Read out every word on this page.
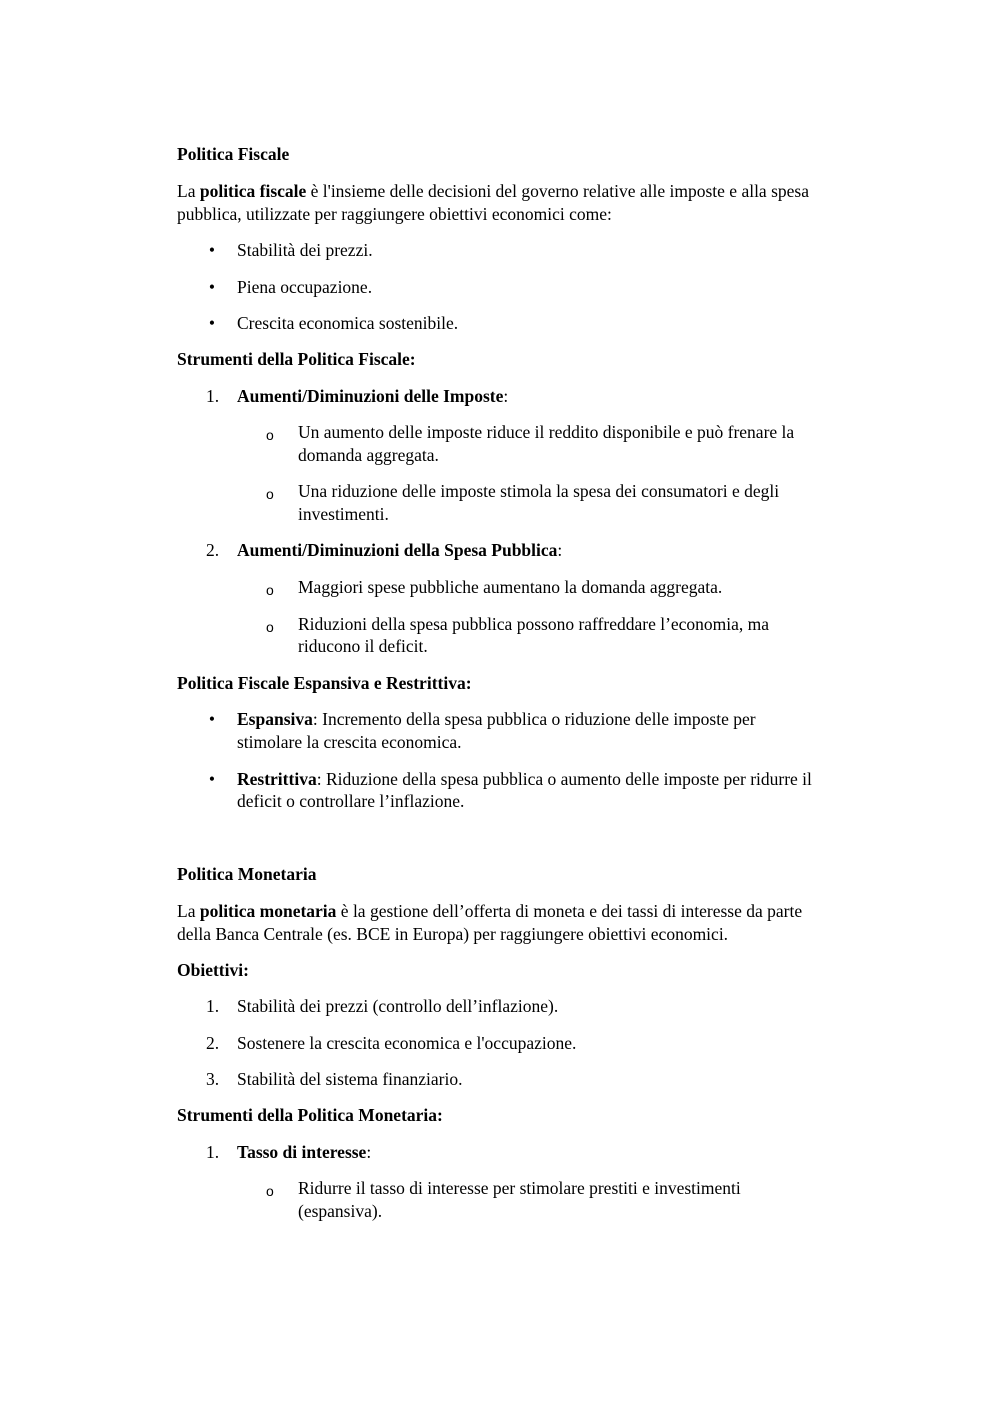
Politica Fiscale
La politica fiscale è l'insieme delle decisioni del governo relative alle imposte e alla spesa
pubblica, utilizzate per raggiungere obiettivi economici come:
• Stabilità dei prezzi.
• Piena occupazione.
• Crescita economica sostenibile.
Strumenti della Politica Fiscale:
1. Aumenti/Diminuzioni delle Imposte:
o Un aumento delle imposte riduce il reddito disponibile e può frenare la
domanda aggregata.
o Una riduzione delle imposte stimola la spesa dei consumatori e degli
investimenti.
2. Aumenti/Diminuzioni della Spesa Pubblica:
o Maggiori spese pubbliche aumentano la domanda aggregata.
o Riduzioni della spesa pubblica possono raffreddare l’economia, ma
riducono il deficit.
Politica Fiscale Espansiva e Restrittiva:
• Espansiva: Incremento della spesa pubblica o riduzione delle imposte per
stimolare la crescita economica.
• Restrittiva: Riduzione della spesa pubblica o aumento delle imposte per ridurre il
deficit o controllare l’inflazione.
Politica Monetaria
La politica monetaria è la gestione dell’offerta di moneta e dei tassi di interesse da parte
della Banca Centrale (es. BCE in Europa) per raggiungere obiettivi economici.
Obiettivi:
1. Stabilità dei prezzi (controllo dell’inflazione).
2. Sostenere la crescita economica e l'occupazione.
3. Stabilità del sistema finanziario.
Strumenti della Politica Monetaria:
1. Tasso di interesse:
o Ridurre il tasso di interesse per stimolare prestiti e investimenti
(espansiva).
